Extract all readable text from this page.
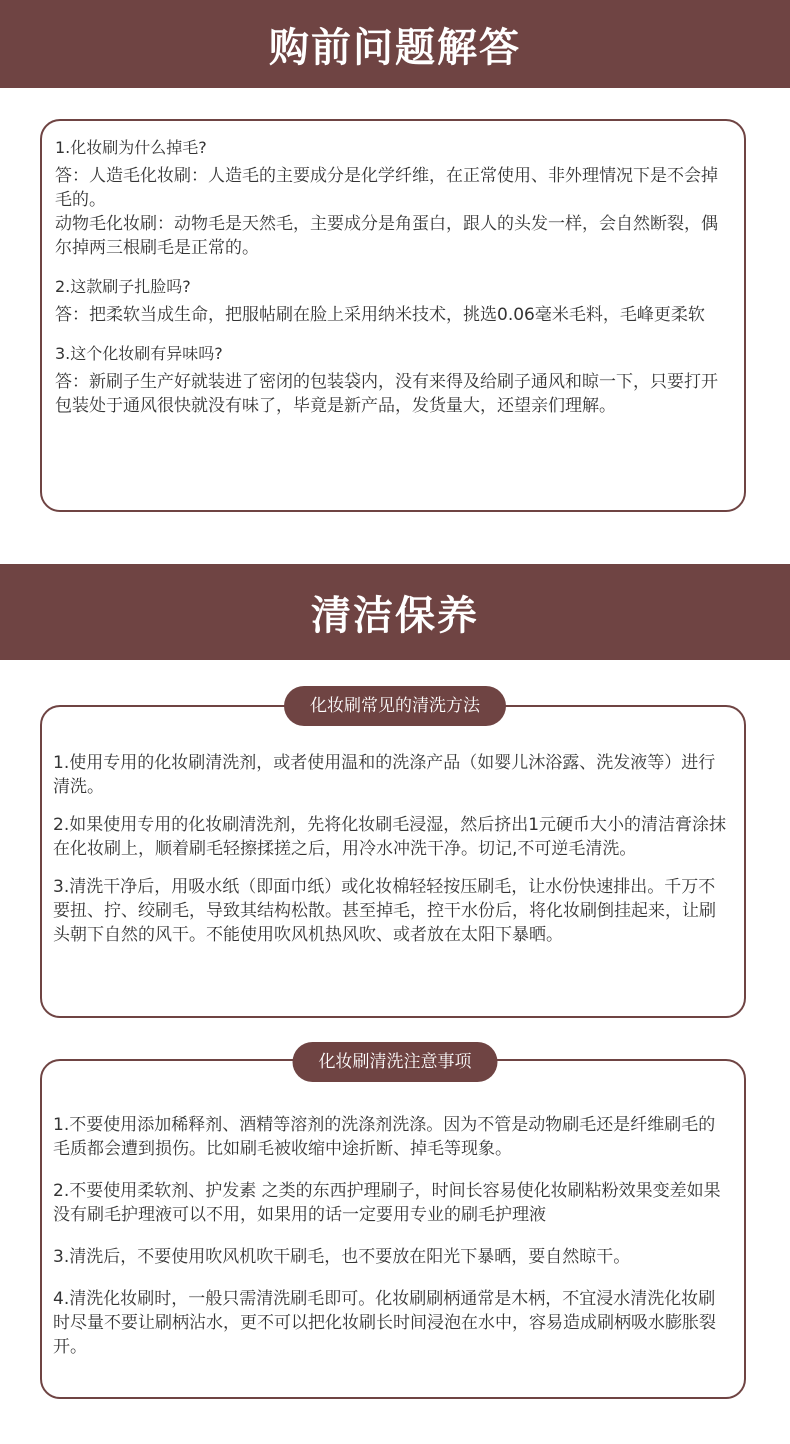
购前问题解答

1.化妆刷为什么掉毛?

答：人造毛化妆刷：人造毛的主要成分是化学纤维，在正常使用、非外理情况下是不会掉毛的。

动物毛化妆刷：动物毛是天然毛，主要成分是角蛋白，跟人的头发一样，会自然断裂，偶尔掉两三根刷毛是正常的。

2.这款刷子扎脸吗?

答：把柔软当成生命，把服帖刷在脸上采用纳米技术，挑选0.06毫米毛料，毛峰更柔软

3.这个化妆刷有异味吗?

答：新刷子生产好就装进了密闭的包装袋内，没有来得及给刷子通风和晾一下，只要打开包装处于通风很快就没有味了，毕竟是新产品，发货量大，还望亲们理解。

清洁保养

1.使用专用的化妆刷清洗剂，或者使用温和的洗涤产品（如婴儿沐浴露、洗发液等）进行清洗。

2.如果使用专用的化妆刷清洗剂，先将化妆刷毛浸湿，然后挤出1元硬币大小的清洁膏涂抹在化妆刷上，顺着刷毛轻擦揉搓之后，用冷水冲洗干净。切记,不可逆毛清洗。

3.清洗干净后，用吸水纸（即面巾纸）或化妆棉轻轻按压刷毛，让水份快速排出。千万不要扭、拧、绞刷毛，导致其结构松散。甚至掉毛，控干水份后，将化妆刷倒挂起来，让刷头朝下自然的风干。不能使用吹风机热风吹、或者放在太阳下暴晒。

化妆刷常见的清洗方法

1.不要使用添加稀释剂、酒精等溶剂的洗涤剂洗涤。因为不管是动物刷毛还是纤维刷毛的毛质都会遭到损伤。比如刷毛被收缩中途折断、掉毛等现象。

2.不要使用柔软剂、护发素 之类的东西护理刷子，时间长容易使化妆刷粘粉效果变差如果没有刷毛护理液可以不用，如果用的话一定要用专业的刷毛护理液

3.清洗后，不要使用吹风机吹干刷毛，也不要放在阳光下暴晒，要自然晾干。

4.清洗化妆刷时，一般只需清洗刷毛即可。化妆刷刷柄通常是木柄，不宜浸水清洗化妆刷时尽量不要让刷柄沾水，更不可以把化妆刷长时间浸泡在水中，容易造成刷柄吸水膨胀裂开。

化妆刷清洗注意事项
